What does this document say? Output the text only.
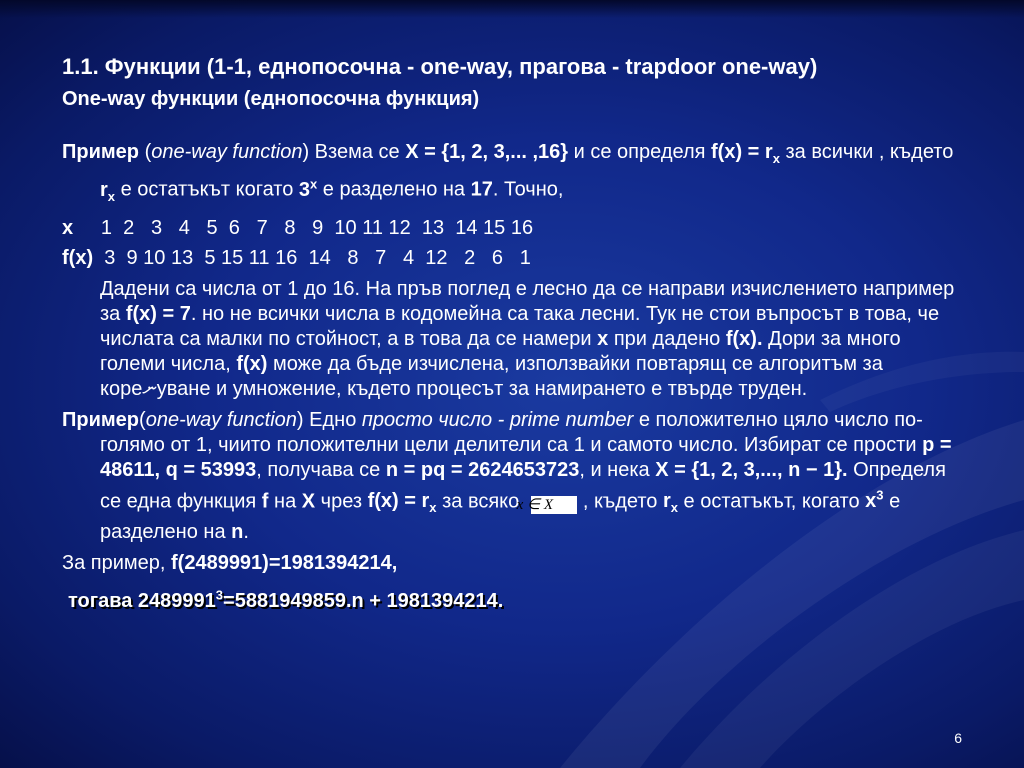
1.1. Функции (1-1, еднопосочна - one-way, прагова - trapdoor one-way)

One-way функции (еднопосочна функция)

Пример (one-way function) Взема се X = {1, 2, 3,... ,16} и се определя $f(x) = r_x$ за всички , където $r_x$ е остатъкът когато 3$^x$ е разделено на 17. Точно,

x 1  2   3   4   5  6   7   8   9  10 11 12  13  14 15 16

f(x) 3  9 10 13  5 15 11 16  14   8   7   4  12   2   6   1

Дадени са числа от 1 до 16. На пръв поглед е лесно да се направи изчислението например за f(x) = 7. но не всички числа в кодомейна са така лесни. Тук не стои въпросът в това, че числата са малки по стойност, а в това да се намери x при дадено f(x). Дори за много големи числа, f(x) може да бъде изчислена, използвайки повтарящ се алгоритъм за кореނуване и умножение, където процесът за намирането е твърде труден.

Пример(one-way function) Едно просто число - prime number е положително цяло число по-голямо от 1, чиито положителни цели делители са 1 и самото число. Избират се прости p = 48611, q = 53993, получава се n = pq = 2624653723, и нека X = {1, 2, 3,..., n − 1}. Определя се една функция f на X чрез $f(x) = r_x$ за всяко x ∈ X , където $r_x$ е остатъкът, когато $x^3$ е разделено на n.

За пример, f(2489991)=1981394214,

тогава $2489991^3=5881949859.n + 1981394214$.

6
